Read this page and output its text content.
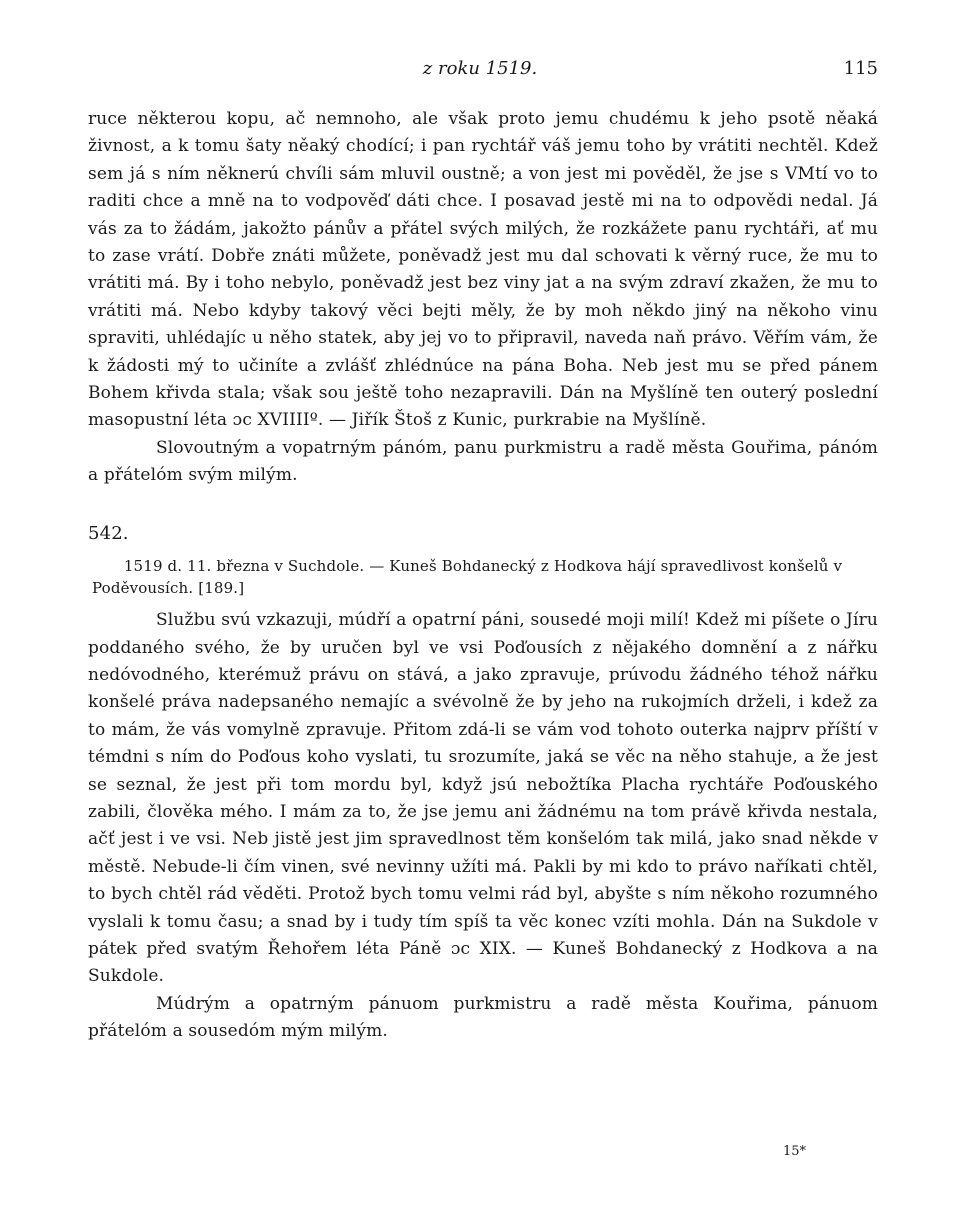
z roku 1519.	115

ruce některou kopu, ač nemnoho, ale však proto jemu chudému k jeho psotě něaká živnost, a k tomu šaty něaký chodící; i pan rychtář váš jemu toho by vrátiti nechtěl. Kdež sem já s ním něknerú chvíli sám mluvil oustně; a von jest mi pověděl, že jse s VMtí vo to raditi chce a mně na to vodpověď dáti chce. I posavad jestě mi na to odpovědi nedal. Já vás za to žádám, jakožto pánův a přátel svých milých, že rozkážete panu rychtáři, ať mu to zase vrátí. Dobře znáti můžete, poněvadž jest mu dal schovati k věrný ruce, že mu to vrátiti má. By i toho nebylo, poněvadž jest bez viny jat a na svým zdraví zkažen, že mu to vrátiti má. Nebo kdyby takový věci bejti měly, že by moh někdo jiný na někoho vinu spraviti, uhlédajíc u něho statek, aby jej vo to připravil, naveda naň právo. Věřím vám, že k žádosti mý to učiníte a zvlášť zhlédnúce na pána Boha. Neb jest mu se před pánem Bohem křivda stala; však sou ještě toho nezapravili. Dán na Myšlíně ten outerý poslední masopustní léta ɔc XVIIIIº. — Jiřík Štoš z Kunic, purkrabie na Myšlíně.

Slovoutným a vopatrným pánóm, panu purkmistru a radě města Gouřima, pánóm a přátelóm svým milým.

542.
1519 d. 11. března v Suchdole. — Kuneš Bohdanecký z Hodkova hájí spravedlivost konšelů v Poděvousích. [189.]

Službu svú vzkazuji, múdří a opatrní páni, sousedé moji milí! Kdež mi píšete o Jíru poddaného svého, že by uručen byl ve vsi Poďousích z nějakého domnění a z nářku nedóvodného, kterémuž právu on stává, a jako zpravuje, prúvodu žádného téhož nářku konšelé práva nadepsaného nemajíc a svévolně že by jeho na rukojmích drželi, i kdež za to mám, že vás vomylně zpravuje. Přitom zdá-li se vám vod tohoto outerka najprv příští v témdni s ním do Poďous koho vyslati, tu srozumíte, jaká se věc na něho stahuje, a že jest se seznal, že jest při tom mordu byl, když jsú nebožtíka Placha rychtáře Poďouského zabili, člověka mého. I mám za to, že jse jemu ani žádnému na tom právě křivda nestala, ačť jest i ve vsi. Neb jistě jest jim spravedlnost těm konšelóm tak milá, jako snad někde v městě. Nebude-li čím vinen, své nevinny užíti má. Pakli by mi kdo to právo naříkati chtěl, to bych chtěl rád věděti. Protož bych tomu velmi rád byl, abyšte s ním někoho rozumného vyslali k tomu času; a snad by i tudy tím spíš ta věc konec vzíti mohla. Dán na Sukdole v pátek před svatým Řehořem léta Páně ɔc XIX. — Kuneš Bohdanecký z Hodkova a na Sukdole.

Múdrým a opatrným pánuom purkmistru a radě města Kouřima, pánuom přátelóm a sousedóm mým milým.

15*
